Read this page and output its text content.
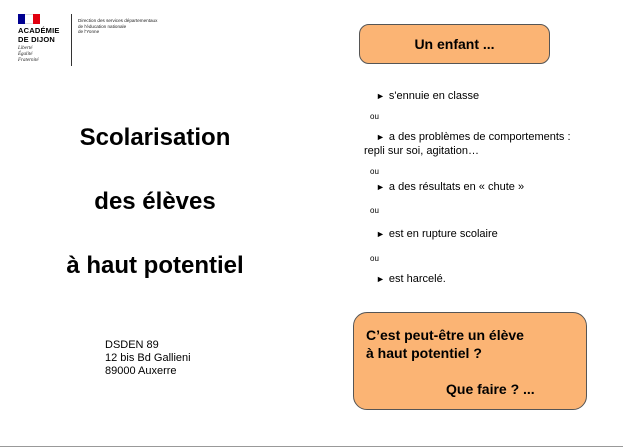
ACADÉMIE
DE DIJON
Liberté
Égalité
Fraternité
Direction des services départementaux
de l'éducation nationale
de l'Yonne
Scolarisation
des élèves
à haut potentiel
DSDEN 89
12 bis Bd Gallieni
89000 Auxerre
Un enfant ...
► s'ennuie en classe
ou
► a des problèmes de comportements :
repli sur soi, agitation…
ou
► a des résultats en « chute »
ou
► est en rupture scolaire
ou
► est harcelé.
C’est peut-être un élève
à haut potentiel ?
Que faire ? ...
